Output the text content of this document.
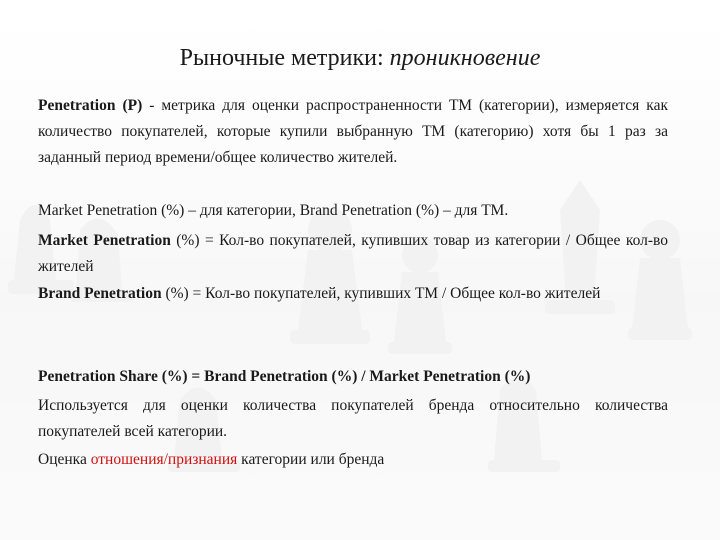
Рыночные метрики: проникновение

Penetration (P) - метрика для оценки распространенности ТМ (категории), измеряется как количество покупателей, которые купили выбранную ТМ (категорию) хотя бы 1 раз за заданный период времени/общее количество жителей.

Market Penetration (%) – для категории, Brand Penetration (%) – для ТМ.

Market Penetration (%) = Кол-во покупателей, купивших товар из категории / Общее кол-во жителей

Brand Penetration (%) = Кол-во покупателей, купивших ТМ / Общее кол-во жителей

Penetration Share (%) = Brand Penetration (%) / Market Penetration (%)

Используется для оценки количества покупателей бренда относительно количества покупателей всей категории.

Оценка отношения/признания категории или бренда
